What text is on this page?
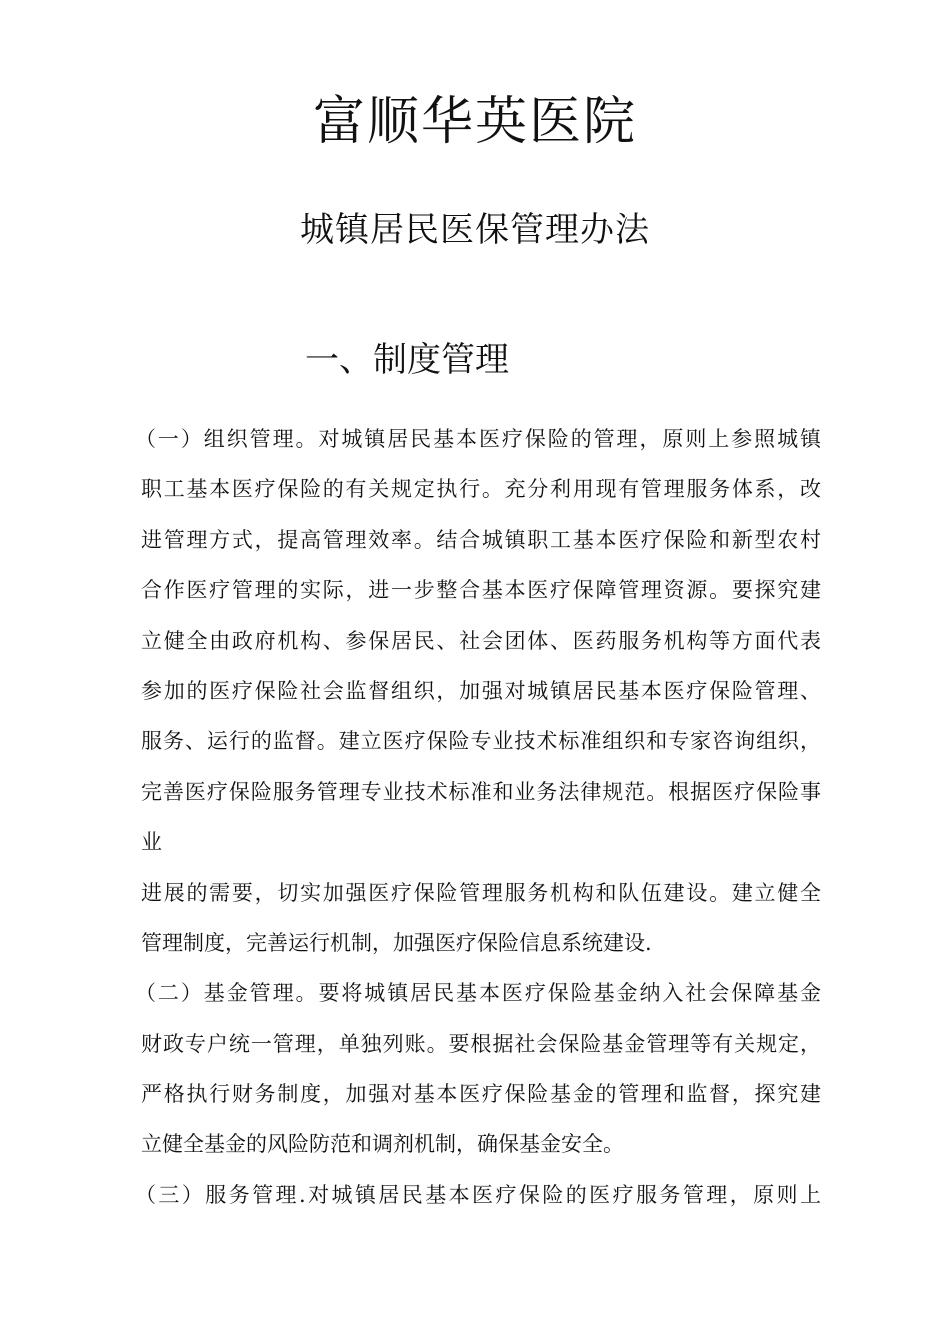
富顺华英医院
城镇居民医保管理办法
一、制度管理
（一）组织管理。对城镇居民基本医疗保险的管理，原则上参照城镇
职工基本医疗保险的有关规定执行。充分利用现有管理服务体系，改
进管理方式，提高管理效率。结合城镇职工基本医疗保险和新型农村
合作医疗管理的实际，进一步整合基本医疗保障管理资源。要探究建
立健全由政府机构、参保居民、社会团体、医药服务机构等方面代表
参加的医疗保险社会监督组织，加强对城镇居民基本医疗保险管理、
服务、运行的监督。建立医疗保险专业技术标准组织和专家咨询组织，
完善医疗保险服务管理专业技术标准和业务法律规范。根据医疗保险事
业
进展的需要，切实加强医疗保险管理服务机构和队伍建设。建立健全
管理制度，完善运行机制，加强医疗保险信息系统建设.
（二）基金管理。要将城镇居民基本医疗保险基金纳入社会保障基金
财政专户统一管理，单独列账。要根据社会保险基金管理等有关规定，
严格执行财务制度，加强对基本医疗保险基金的管理和监督，探究建
立健全基金的风险防范和调剂机制，确保基金安全。
（三）服务管理.对城镇居民基本医疗保险的医疗服务管理，原则上
